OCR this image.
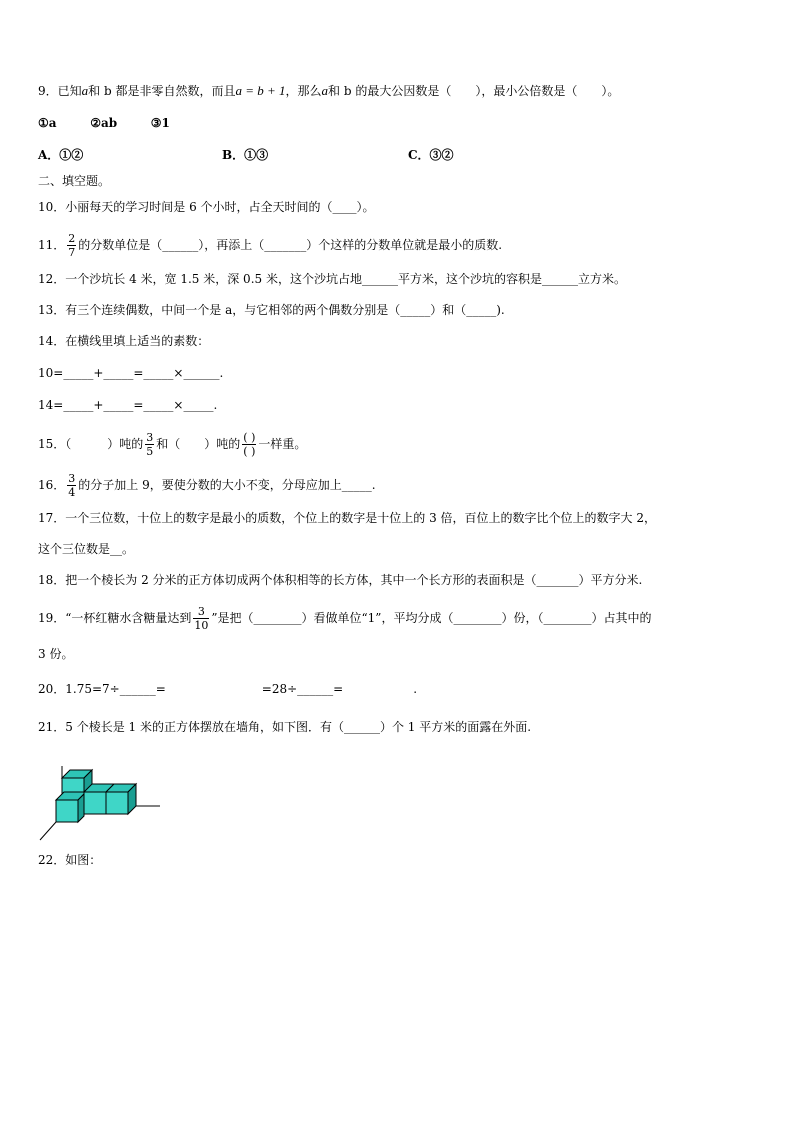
9．已知a和 b 都是非零自然数，而且a = b + 1，那么a和 b 的最大公因数是（　　），最小公倍数是（　　）。
①a	②ab	③1
A．①②	B．①③	C．③②
二、填空题。
10．小丽每天的学习时间是 6 个小时，占全天时间的（____）。
11． $\frac{2}{7}$ 的分数单位是（______），再添上（_______）个这样的分数单位就是最小的质数.
12．一个沙坑长 4 米，宽 1.5 米，深 0.5 米，这个沙坑占地______平方米，这个沙坑的容积是______立方米。
13．有三个连续偶数，中间一个是 a，与它相邻的两个偶数分别是（_____）和（_____).
14．在横线里填上适当的素数：
10=_____+_____=_____×______.
14=_____+_____=_____×_____.
15．（　　　）吨的 $\frac{3}{5}$ 和（　　）吨的 $\frac{( )}{( )}$ 一样重。
16． $\frac{3}{4}$ 的分子加上 9，要使分数的大小不变，分母应加上_____.
17．一个三位数，十位上的数字是最小的质数，个位上的数字是十位上的 3 倍，百位上的数字比个位上的数字大 2，
这个三位数是__。
18．把一个棱长为 2 分米的正方体切成两个体积相等的长方体，其中一个长方形的表面积是（_______）平方分米.
19．“一杯红糖水含糖量达到 $\frac{3}{10}$ ”是把（________）看做单位“1”，平均分成（________）份，（________）占其中的
3 份。
20．1.75=7÷______=	=28÷______=	.
21．5 个棱长是 1 米的正方体摆放在墙角，如下图．有（______）个 1 平方米的面露在外面.
22．如图：
